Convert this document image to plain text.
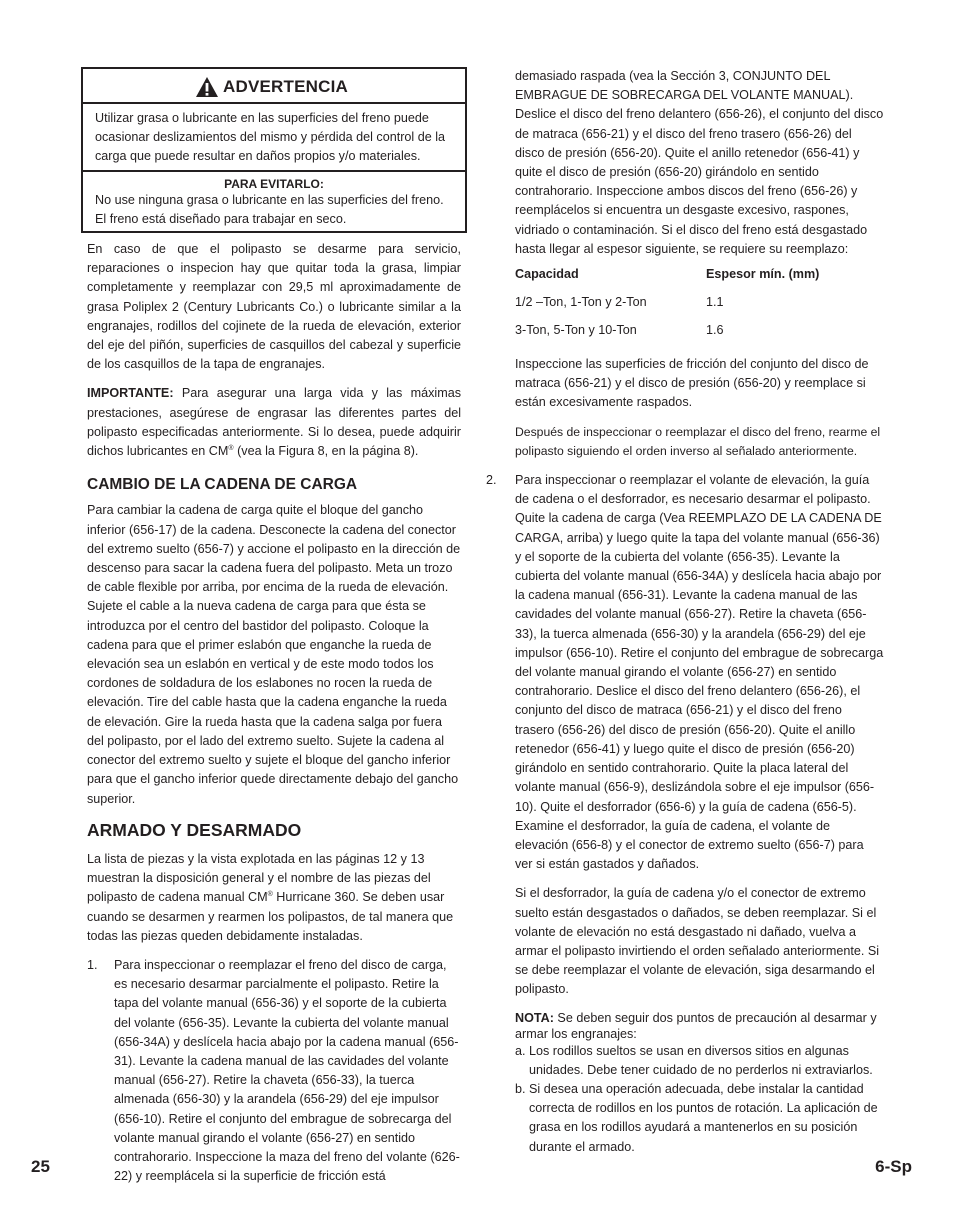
ADVERTENCIA
Utilizar grasa o lubricante en las superficies del freno puede ocasionar deslizamientos del mismo y pérdida del control de la carga que puede resultar en daños propios y/o materiales.
PARA EVITARLO:
No use ninguna grasa o lubricante en las superficies del freno. El freno está diseñado para trabajar en seco.

En caso de que el polipasto se desarme para servicio, reparaciones o inspecion hay que quitar toda la grasa, limpiar completamente y reemplazar con 29,5 ml aproximadamente de grasa Poliplex 2 (Century Lubricants Co.) o lubricante similar a la engranajes, rodillos del cojinete de la rueda de elevación, exterior del eje del piñón, superficies de casquillos del cabezal y superficie de los casquillos de la tapa de engranajes.

IMPORTANTE: Para asegurar una larga vida y las máximas prestaciones, asegúrese de engrasar las diferentes partes del polipasto especificadas anteriormente. Si lo desea, puede adquirir dichos lubricantes en CM® (vea la Figura 8, en la página 8).

CAMBIO DE LA CADENA DE CARGA

Para cambiar la cadena de carga quite el bloque del gancho inferior (656-17) de la cadena. Desconecte la cadena del conector del extremo suelto (656-7) y accione el polipasto en la dirección de descenso para sacar la cadena fuera del polipasto. Meta un trozo de cable flexible por arriba, por encima de la rueda de elevación. Sujete el cable a la nueva cadena de carga para que ésta se introduzca por el centro del bastidor del polipasto. Coloque la cadena para que el primer eslabón que enganche la rueda de elevación sea un eslabón en vertical y de este modo todos los cordones de soldadura de los eslabones no rocen la rueda de elevación. Tire del cable hasta que la cadena enganche la rueda de elevación. Gire la rueda hasta que la cadena salga por fuera del polipasto, por el lado del extremo suelto. Sujete la cadena al conector del extremo suelto y sujete el bloque del gancho inferior para que el gancho inferior quede directamente debajo del gancho superior.

ARMADO Y DESARMADO

La lista de piezas y la vista explotada en las páginas 12 y 13 muestran la disposición general y el nombre de las piezas del polipasto de cadena manual CM® Hurricane 360. Se deben usar cuando se desarmen y rearmen los polipastos, de tal manera que todas las piezas queden debidamente instaladas.

1.	Para inspeccionar o reemplazar el freno del disco de carga, es necesario desarmar parcialmente el polipasto. Retire la tapa del volante manual (656-36) y el soporte de la cubierta del volante (656-35). Levante la cubierta del volante manual (656-34A) y deslícela hacia abajo por la cadena manual (656-31). Levante la cadena manual de las cavidades del volante manual (656-27). Retire la chaveta (656-33), la tuerca almenada (656-30) y la arandela (656-29) del eje impulsor (656-10). Retire el conjunto del embrague de sobrecarga del volante manual girando el volante (656-27) en sentido contrahorario. Inspeccione la maza del freno del volante (626-22) y reemplácela si la superficie de fricción está

demasiado raspada (vea la Sección 3, CONJUNTO DEL EMBRAGUE DE SOBRECARGA DEL VOLANTE MANUAL). Deslice el disco del freno delantero (656-26), el conjunto del disco de matraca (656-21) y el disco del freno trasero (656-26) del disco de presión (656-20). Quite el anillo retenedor (656-41) y quite el disco de presión (656-20) girándolo en sentido contrahorario. Inspeccione ambos discos del freno (656-26) y reemplácelos si encuentra un desgaste excesivo, raspones, vidriado o contaminación. Si el disco del freno está desgastado hasta llegar al espesor siguiente, se requiere su reemplazo:

Capacidad	Espesor mín. (mm)
1/2 –Ton, 1-Ton y 2-Ton	1.1
3-Ton, 5-Ton y 10-Ton	1.6

Inspeccione las superficies de fricción del conjunto del disco de matraca (656-21) y el disco de presión (656-20) y reemplace si están excesivamente raspados.

Después de inspeccionar o reemplazar el disco del freno, rearme el polipasto siguiendo el orden inverso al señalado anteriormente.

2.	Para inspeccionar o reemplazar el volante de elevación, la guía de cadena o el desforrador, es necesario desarmar el polipasto. Quite la cadena de carga (Vea REEMPLAZO DE LA CADENA DE CARGA, arriba) y luego quite la tapa del volante manual (656-36) y el soporte de la cubierta del volante (656-35). Levante la cubierta del volante manual (656-34A) y deslícela hacia abajo por la cadena manual (656-31). Levante la cadena manual de las cavidades del volante manual (656-27). Retire la chaveta (656-33), la tuerca almenada (656-30) y la arandela (656-29) del eje impulsor (656-10). Retire el conjunto del embrague de sobrecarga del volante manual girando el volante (656-27) en sentido contrahorario. Deslice el disco del freno delantero (656-26), el conjunto del disco de matraca (656-21) y el disco del freno trasero (656-26) del disco de presión (656-20). Quite el anillo retenedor (656-41) y luego quite el disco de presión (656-20) girándolo en sentido contrahorario. Quite la placa lateral del volante manual (656-9), deslizándola sobre el eje impulsor (656-10). Quite el desforrador (656-6) y la guía de cadena (656-5). Examine el desforrador, la guía de cadena, el volante de elevación (656-8) y el conector de extremo suelto (656-7) para ver si están gastados y dañados.

Si el desforrador, la guía de cadena y/o el conector de extremo suelto están desgastados o dañados, se deben reemplazar. Si el volante de elevación no está desgastado ni dañado, vuelva a armar el polipasto invirtiendo el orden señalado anteriormente. Si se debe reemplazar el volante de elevación, siga desarmando el polipasto.

NOTA: Se deben seguir dos puntos de precaución al desarmar y armar los engranajes:

a. Los rodillos sueltos se usan en diversos sitios en algunas unidades. Debe tener cuidado de no perderlos ni extraviarlos.
b. Si desea una operación adecuada, debe instalar la cantidad correcta de rodillos en los puntos de rotación. La aplicación de grasa en los rodillos ayudará a mantenerlos en su posición durante el armado.
25	6-Sp
